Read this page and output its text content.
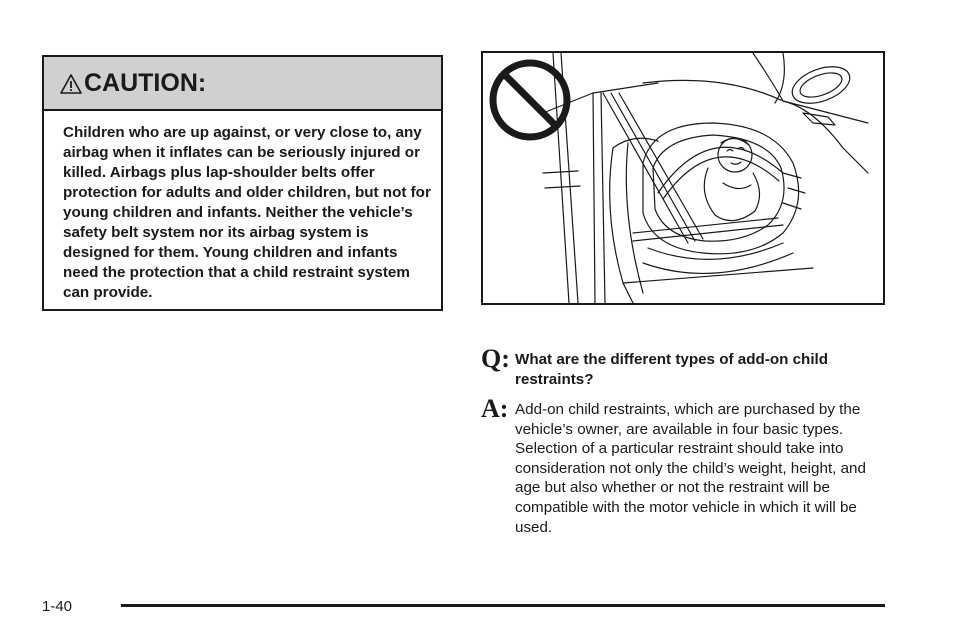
CAUTION:
Children who are up against, or very close to, any airbag when it inflates can be seriously injured or killed. Airbags plus lap-shoulder belts offer protection for adults and older children, but not for young children and infants. Neither the vehicle’s safety belt system nor its airbag system is designed for them. Young children and infants need the protection that a child restraint system can provide.
Q: What are the different types of add-on child restraints?
A: Add-on child restraints, which are purchased by the vehicle’s owner, are available in four basic types. Selection of a particular restraint should take into consideration not only the child’s weight, height, and age but also whether or not the restraint will be compatible with the motor vehicle in which it will be used.
1-40
